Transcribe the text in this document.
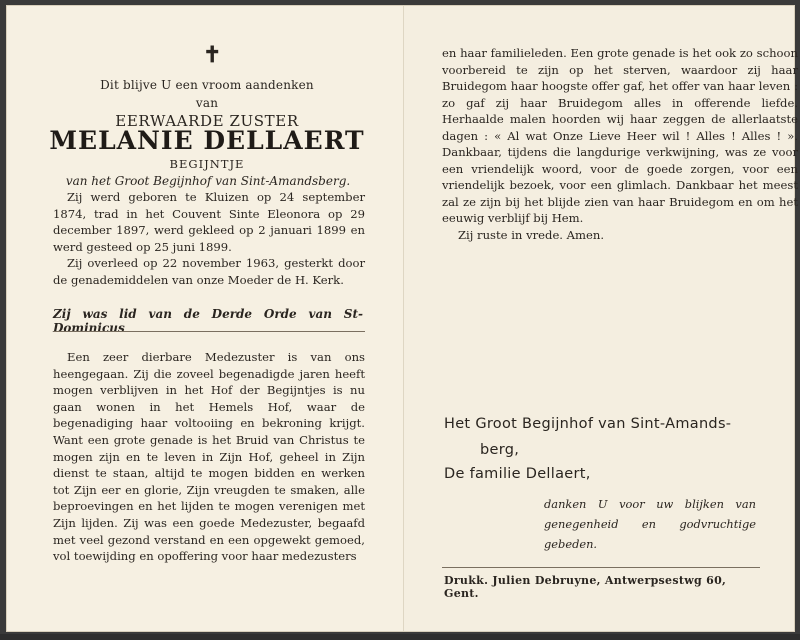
✝
Dit blijve U een vroom aandenken
van
EERWAARDE ZUSTER
MELANIE DELLAERT
BEGIJNTJE
van het Groot Begijnhof van Sint-Amandsberg.
Zij werd geboren te Kluizen op 24 september 1874, trad in het Couvent Sinte Eleonora op 29 december 1897, werd gekleed op 2 januari 1899 en werd gesteed op 25 juni 1899.
Zij overleed op 22 november 1963, gesterkt door de genademiddelen van onze Moeder de H. Kerk.
Zij was lid van de Derde Orde van St-Dominicus
Een zeer dierbare Medezuster is van ons heengegaan. Zij die zoveel begenadigde jaren heeft mogen verblijven in het Hof der Begijntjes is nu gaan wonen in het Hemels Hof, waar de begenadiging haar voltooiing en bekroning krijgt. Want een grote genade is het Bruid van Christus te mogen zijn en te leven in Zijn Hof, geheel in Zijn dienst te staan, altijd te mogen bidden en werken tot Zijn eer en glorie, Zijn vreugden te smaken, alle beproevingen en het lijden te mogen verenigen met Zijn lijden. Zij was een goede Medezuster, begaafd met veel gezond verstand en een opgewekt gemoed, vol toewijding en opoffering voor haar medezusters

en haar familieleden. Een grote genade is het ook zo schoon voorbereid te zijn op het sterven, waardoor zij haar Bruidegom haar hoogste offer gaf, het offer van haar leven : zo gaf zij haar Bruidegom alles in offerende liefde. Herhaalde malen hoorden wij haar zeggen de allerlaatste dagen : « Al wat Onze Lieve Heer wil ! Alles ! Alles ! ». Dankbaar, tijdens die langdurige verkwijning, was ze voor een vriendelijk woord, voor de goede zorgen, voor een vriendelijk bezoek, voor een glimlach. Dankbaar het meest zal ze zijn bij het blijde zien van haar Bruidegom en om het eeuwig verblijf bij Hem.

Zij ruste in vrede. Amen.

Het Groot Begijnhof van Sint-Amands-
berg,
De familie Dellaert,
danken U voor uw blijken van genegenheid en godvruchtige gebeden.
Drukk. Julien Debruyne, Antwerpsestwg 60, Gent.
